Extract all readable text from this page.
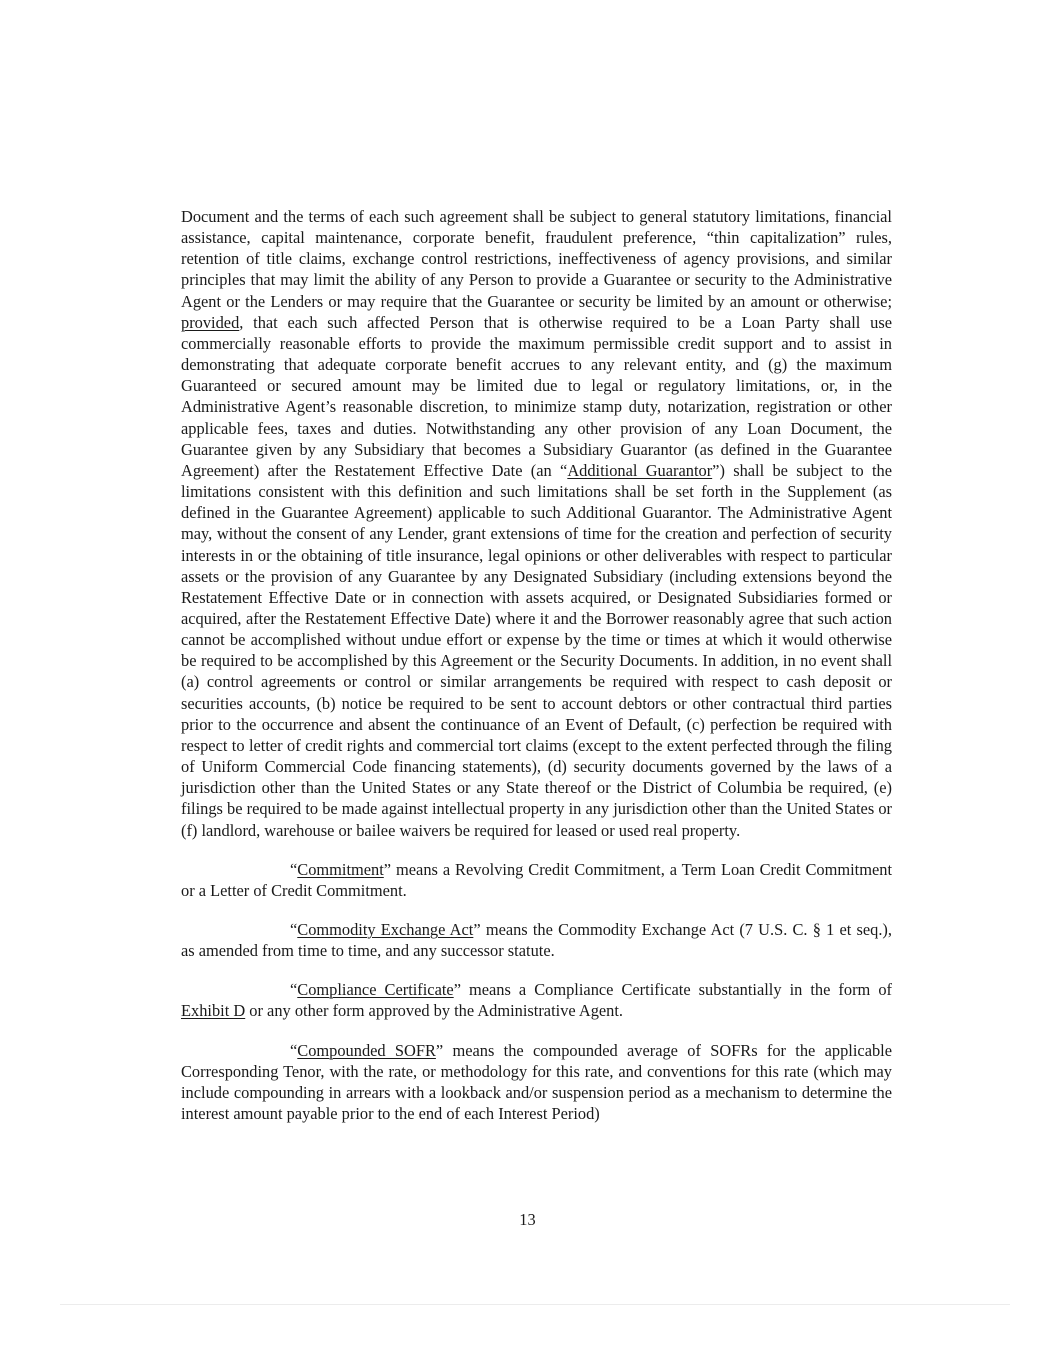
Document and the terms of each such agreement shall be subject to general statutory limitations, financial assistance, capital maintenance, corporate benefit, fraudulent preference, “thin capitalization” rules, retention of title claims, exchange control restrictions, ineffectiveness of agency provisions, and similar principles that may limit the ability of any Person to provide a Guarantee or security to the Administrative Agent or the Lenders or may require that the Guarantee or security be limited by an amount or otherwise; provided, that each such affected Person that is otherwise required to be a Loan Party shall use commercially reasonable efforts to provide the maximum permissible credit support and to assist in demonstrating that adequate corporate benefit accrues to any relevant entity, and (g) the maximum Guaranteed or secured amount may be limited due to legal or regulatory limitations, or, in the Administrative Agent’s reasonable discretion, to minimize stamp duty, notarization, registration or other applicable fees, taxes and duties. Notwithstanding any other provision of any Loan Document, the Guarantee given by any Subsidiary that becomes a Subsidiary Guarantor (as defined in the Guarantee Agreement) after the Restatement Effective Date (an “Additional Guarantor”) shall be subject to the limitations consistent with this definition and such limitations shall be set forth in the Supplement (as defined in the Guarantee Agreement) applicable to such Additional Guarantor. The Administrative Agent may, without the consent of any Lender, grant extensions of time for the creation and perfection of security interests in or the obtaining of title insurance, legal opinions or other deliverables with respect to particular assets or the provision of any Guarantee by any Designated Subsidiary (including extensions beyond the Restatement Effective Date or in connection with assets acquired, or Designated Subsidiaries formed or acquired, after the Restatement Effective Date) where it and the Borrower reasonably agree that such action cannot be accomplished without undue effort or expense by the time or times at which it would otherwise be required to be accomplished by this Agreement or the Security Documents. In addition, in no event shall (a) control agreements or control or similar arrangements be required with respect to cash deposit or securities accounts, (b) notice be required to be sent to account debtors or other contractual third parties prior to the occurrence and absent the continuance of an Event of Default, (c) perfection be required with respect to letter of credit rights and commercial tort claims (except to the extent perfected through the filing of Uniform Commercial Code financing statements), (d) security documents governed by the laws of a jurisdiction other than the United States or any State thereof or the District of Columbia be required, (e) filings be required to be made against intellectual property in any jurisdiction other than the United States or (f) landlord, warehouse or bailee waivers be required for leased or used real property.

“Commitment” means a Revolving Credit Commitment, a Term Loan Credit Commitment or a Letter of Credit Commitment.

“Commodity Exchange Act” means the Commodity Exchange Act (7 U.S. C. § 1 et seq.), as amended from time to time, and any successor statute.

“Compliance Certificate” means a Compliance Certificate substantially in the form of Exhibit D or any other form approved by the Administrative Agent.

“Compounded SOFR” means the compounded average of SOFRs for the applicable Corresponding Tenor, with the rate, or methodology for this rate, and conventions for this rate (which may include compounding in arrears with a lookback and/or suspension period as a mechanism to determine the interest amount payable prior to the end of each Interest Period)

13
